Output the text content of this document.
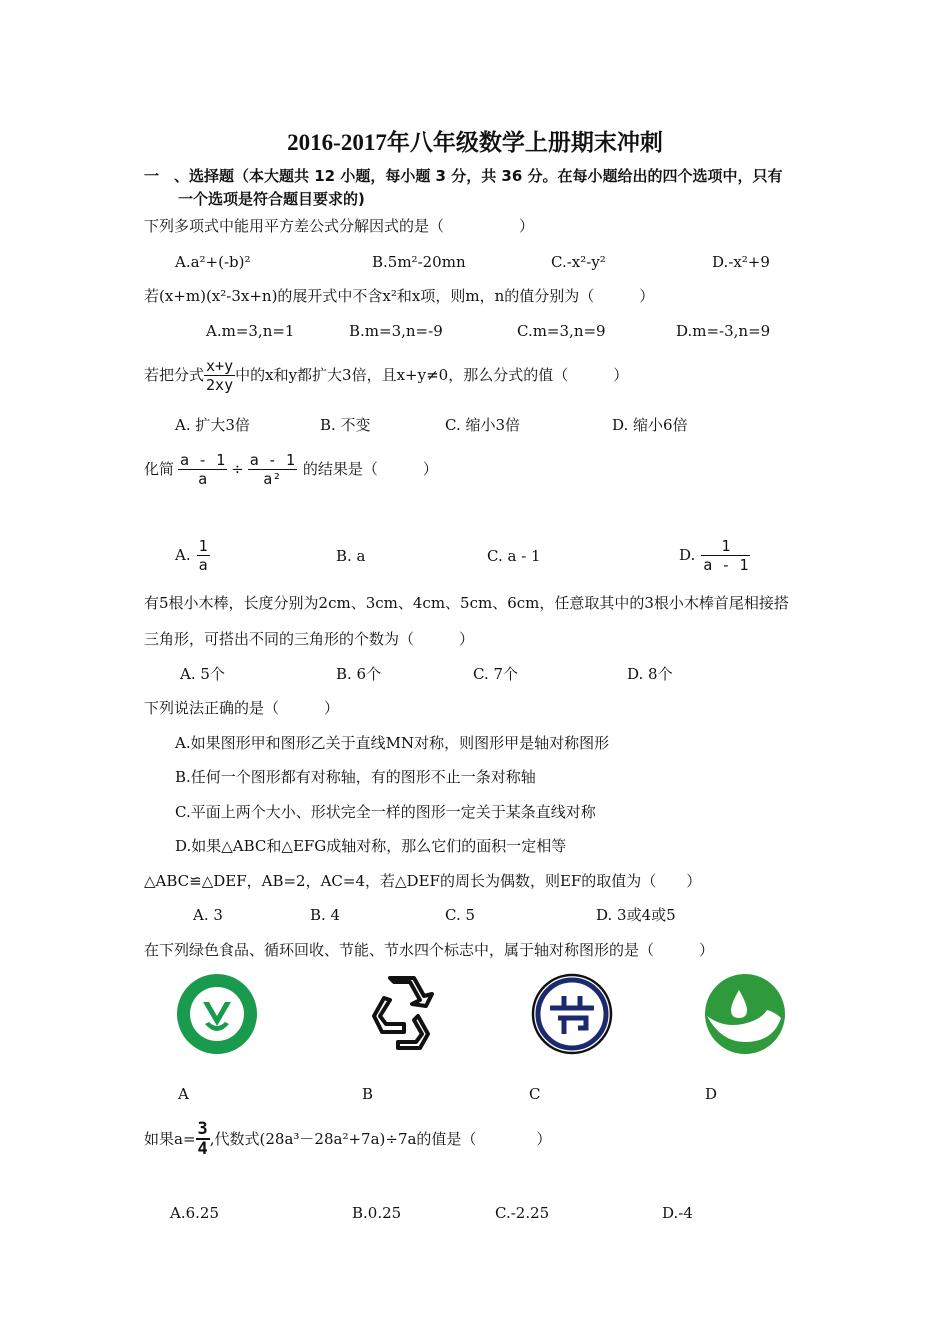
2016-2017年八年级数学上册期末冲刺
一　、选择题（本大题共 12 小题，每小题 3 分，共 36 分。在每小题给出的四个选项中，只有
一个选项是符合题目要求的)
下列多项式中能用平方差公式分解因式的是（　　　　　）
A.a²+(-b)²	B.5m²-20mn	C.-x²-y²	D.-x²+9
若(x+m)(x²-3x+n)的展开式中不含x²和x项，则m，n的值分别为（　　　）
A.m=3,n=1	B.m=3,n=-9	C.m=3,n=9	D.m=-3,n=9
若把分式 $\frac{x+y}{2xy}$ 中的x和y都扩大3倍，且x+y≠0，那么分式的值（　　　）
A. 扩大3倍	B. 不变	C. 缩小3倍	D. 缩小6倍
化简 $\frac{a - 1}{a} \div \frac{a - 1}{\text{a²}}$ 的结果是（　　　）
A. $\frac{1}{a}$	B. a	C. a - 1	D. $\frac{1}{a - 1}$
有5根小木棒，长度分别为2cm、3cm、4cm、5cm、6cm，任意取其中的3根小木棒首尾相接搭
三角形，可搭出不同的三角形的个数为（　　　）
A. 5个	B. 6个	C. 7个	D. 8个
下列说法正确的是（　　　）
A.如果图形甲和图形乙关于直线MN对称，则图形甲是轴对称图形
B.任何一个图形都有对称轴，有的图形不止一条对称轴
C.平面上两个大小、形状完全一样的图形一定关于某条直线对称
D.如果△ABC和△EFG成轴对称，那么它们的面积一定相等
△ABC≌△DEF，AB=2，AC=4，若△DEF的周长为偶数，则EF的取值为（　　）
A. 3	B. 4	C. 5	D. 3或4或5
在下列绿色食品、循环回收、节能、节水四个标志中，属于轴对称图形的是（　　　）
A	B	C	D
如果$a= \frac{3}{4}$ ,代数式(28a³－28a²+7a)÷7a的值是（　　　　）
A.6.25	B.0.25	C.-2.25	D.-4
